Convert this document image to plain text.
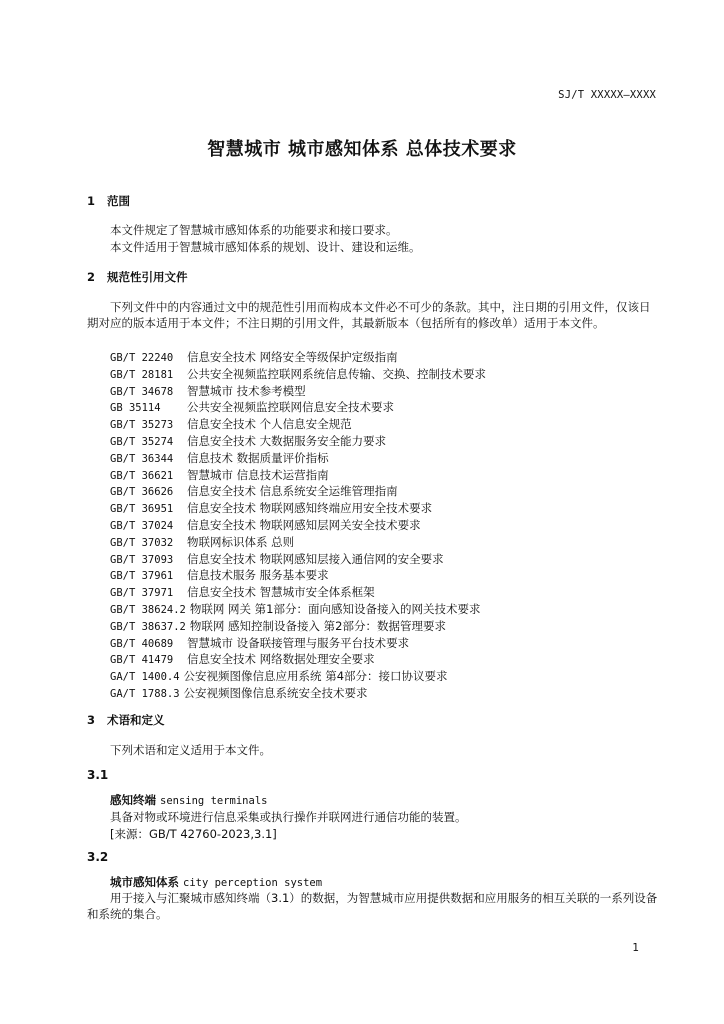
SJ/T XXXXX—XXXX
智慧城市 城市感知体系 总体技术要求
1 范围
本文件规定了智慧城市感知体系的功能要求和接口要求。
本文件适用于智慧城市感知体系的规划、设计、建设和运维。
2 规范性引用文件
下列文件中的内容通过文中的规范性引用而构成本文件必不可少的条款。其中，注日期的引用文件，仅该日期对应的版本适用于本文件；不注日期的引用文件，其最新版本（包括所有的修改单）适用于本文件。
GB/T 22240 信息安全技术 网络安全等级保护定级指南
GB/T 28181 公共安全视频监控联网系统信息传输、交换、控制技术要求
GB/T 34678 智慧城市 技术参考模型
GB 35114 公共安全视频监控联网信息安全技术要求
GB/T 35273 信息安全技术 个人信息安全规范
GB/T 35274 信息安全技术 大数据服务安全能力要求
GB/T 36344 信息技术 数据质量评价指标
GB/T 36621 智慧城市 信息技术运营指南
GB/T 36626 信息安全技术 信息系统安全运维管理指南
GB/T 36951 信息安全技术 物联网感知终端应用安全技术要求
GB/T 37024 信息安全技术 物联网感知层网关安全技术要求
GB/T 37032 物联网标识体系 总则
GB/T 37093 信息安全技术 物联网感知层接入通信网的安全要求
GB/T 37961 信息技术服务 服务基本要求
GB/T 37971 信息安全技术 智慧城市安全体系框架
GB/T 38624.2 物联网 网关 第1部分：面向感知设备接入的网关技术要求
GB/T 38637.2 物联网 感知控制设备接入 第2部分：数据管理要求
GB/T 40689 智慧城市 设备联接管理与服务平台技术要求
GB/T 41479 信息安全技术 网络数据处理安全要求
GA/T 1400.4 公安视频图像信息应用系统 第4部分：接口协议要求
GA/T 1788.3 公安视频图像信息系统安全技术要求
3 术语和定义
下列术语和定义适用于本文件。
3.1
感知终端 sensing terminals
具备对物或环境进行信息采集或执行操作并联网进行通信功能的装置。
[来源：GB/T 42760-2023,3.1]
3.2
城市感知体系 city perception system
用于接入与汇聚城市感知终端（3.1）的数据，为智慧城市应用提供数据和应用服务的相互关联的一系列设备和系统的集合。
1
